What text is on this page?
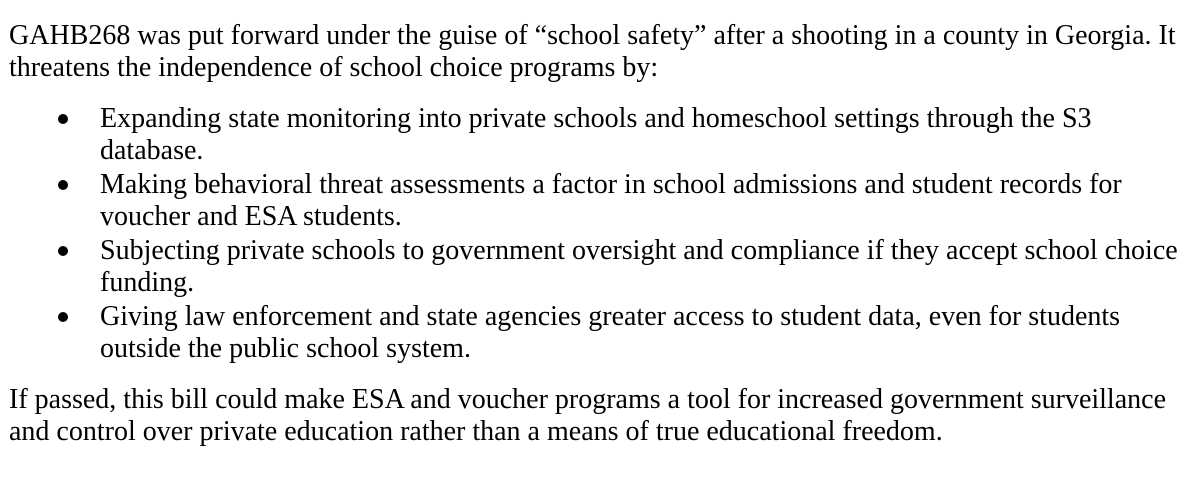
GAHB268 was put forward under the guise of “school safety” after a shooting in a county in Georgia. It threatens the independence of school choice programs by:

Expanding state monitoring into private schools and homeschool settings through the S3 database.
Making behavioral threat assessments a factor in school admissions and student records for voucher and ESA students.
Subjecting private schools to government oversight and compliance if they accept school choice funding.
Giving law enforcement and state agencies greater access to student data, even for students outside the public school system.

If passed, this bill could make ESA and voucher programs a tool for increased government surveillance and control over private education rather than a means of true educational freedom.
